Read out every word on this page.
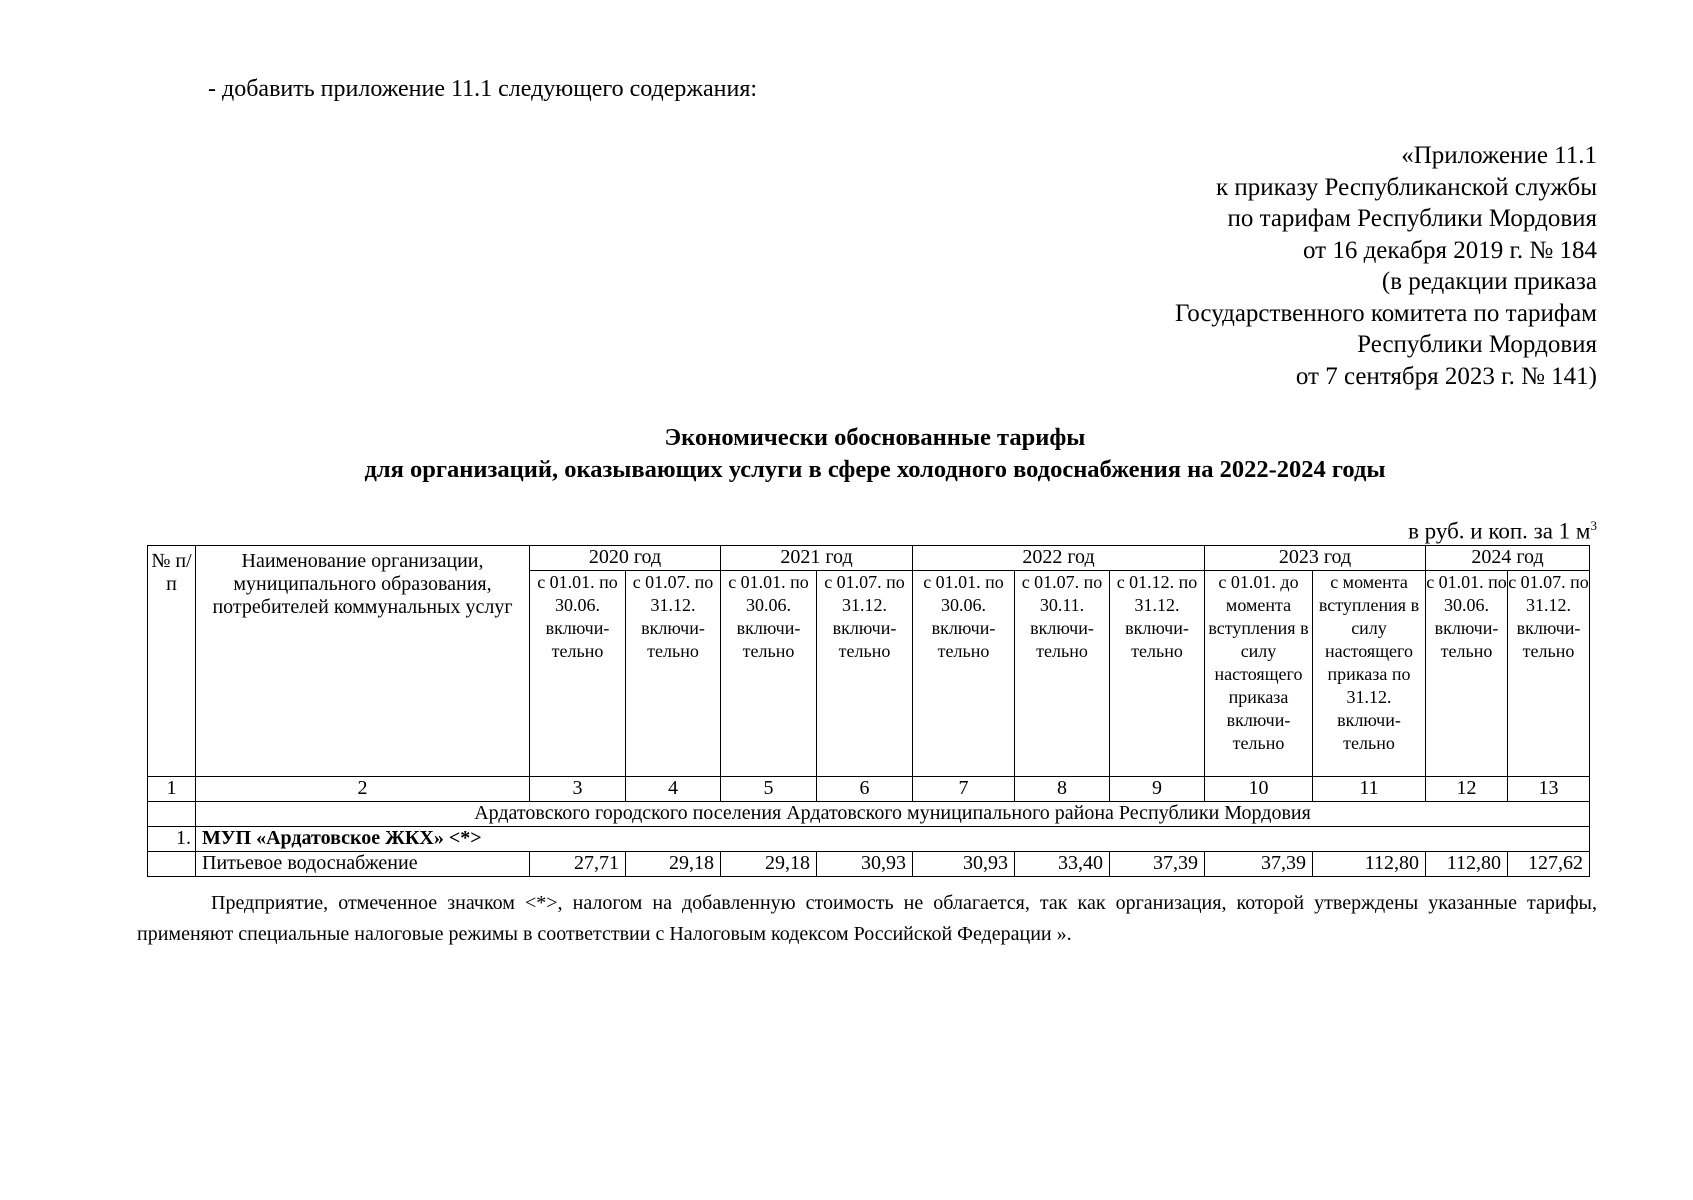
- добавить приложение 11.1 следующего содержания:
«Приложение 11.1
к приказу Республиканской службы
по тарифам Республики Мордовия
от 16 декабря 2019 г. № 184
(в редакции приказа
Государственного комитета по тарифам
Республики Мордовия
от 7 сентября 2023 г. № 141)
Экономически обоснованные тарифы
для организаций, оказывающих услуги в сфере холодного водоснабжения на 2022-2024 годы
в руб. и коп. за 1 $м^3$
№ п/п	Наименование организации, муниципального образования, потребителей коммунальных услуг	2020 год		2021 год		2022 год			2023 год		2024 год	
		с 01.01. по 30.06. включи-тельно	с 01.07. по 31.12. включи-тельно	с 01.01. по 30.06. включи-тельно	с 01.07. по 31.12. включи-тельно	с 01.01. по 30.06. включи-тельно	с 01.07. по 30.11. включи-тельно	с 01.12. по 31.12. включи-тельно	с 01.01. до момента вступления в силу настоящего приказа включи-тельно	с момента вступления в силу настоящего приказа по 31.12. включи-тельно	с 01.01. по 30.06. включи-тельно	с 01.07. по 31.12. включи-тельно
1	2	3	4	5	6	7	8	9	10	11	12	13
	Ардатовского городского поселения Ардатовского муниципального района Республики Мордовия											
1.	МУП «Ардатовское ЖКХ» <*>											
	Питьевое водоснабжение	27,71	29,18	29,18	30,93	30,93	33,40	37,39	37,39	112,80	112,80	127,62
Предприятие, отмеченное значком <*>, налогом на добавленную стоимость не облагается, так как организация, которой утверждены указанные тарифы, применяют специальные налоговые режимы в соответствии с Налоговым кодексом Российской Федерации ».
